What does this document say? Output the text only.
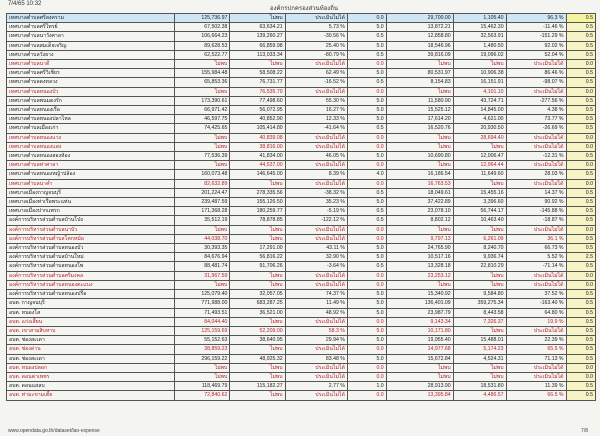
7/4/65 10:32
องค์กรปกครองส่วนท้องถิ่น
เทศบาลตำบลศรีสงคราม	125,736.97	ไม่พบ	ประเมินไม่ได้	0.0	29,700.00	1,105.40	96.3 %	0.5
เทศบาลตำบลศรีไทรย์	67,502.38	63,634.21	5.73 %	5.0	13,872.21	15,462.30	-11.46 %	0.5
เทศบาลตำบลนาวังศาลา	106,664.23	139,260.27	-30.56 %	0.5	12,858.80	32,563.91	-151.29 %	0.5
เทศบาลตำบลสมเด็จเจริญ	89,628.53	66,859.98	25.40 %	5.0	18,546.96	1,480.50	92.02 %	0.5
เทศบาลตำบลวังยาง	62,522.77	113,033.34	-80.79 %	0.5	39,816.09	19,096.02	52.04 %	0.5
เทศบาลตำบลนาดี	ไม่พบ	ไม่พบ	ประเมินไม่ได้	0.0	ไม่พบ	ไม่พบ	ประเมินไม่ได้	0.0
เทศบาลตำบลศรีวิเชียร	155,984.48	58,508.22	62.49 %	5.0	80,531.97	10,906.38	86.46 %	0.5
เทศบาลตำบลดงหลวง	65,853.36	76,731.77	-16.52 %	0.5	8,154.83	16,151.91	-98.07 %	0.5
เทศบาลตำบลหนองบัว	ไม่พบ	76,535.70	ประเมินไม่ได้	0.0	ไม่พบ	4,101.10	ประเมินไม่ได้	0.0
เทศบาลตำบลพนมดงรัก	173,390.61	77,498.60	55.30 %	5.0	11,580.90	43,724.71	-277.56 %	0.5
เทศบาลตำบลหนองเรือ	66,971.42	56,072.95	16.27 %	5.0	15,525.12	14,845.00	4.38 %	0.5
เทศบาลตำบลหนองปลาไหล	46,597.75	40,852.90	12.33 %	5.0	17,614.20	4,621.00	73.77 %	0.5
เทศบาลตำบลเมืองเก่า	74,425.65	105,414.80	-41.64 %	0.5	16,520.76	20,930.50	-26.69 %	0.5
เทศบาลตำบลหนองแวง	ไม่พบ	40,839.08	ประเมินไม่ได้	0.0	ไม่พบ	28,694.40	ประเมินไม่ได้	0.0
เทศบาลตำบลหนองแสง	ไม่พบ	38,816.00	ประเมินไม่ได้	0.0	ไม่พบ	ไม่พบ	ประเมินไม่ได้	0.0
เทศบาลตำบลหนองสองห้อง	77,536.39	41,834.00	46.05 %	5.0	10,690.80	12,006.47	-12.31 %	0.5
เทศบาลตำบลท่าศาลา	ไม่พบ	44,537.00	ประเมินไม่ได้	0.0	ไม่พบ	12,964.44	ประเมินไม่ได้	0.0
เทศบาลตำบลหนองหญ้าปล้อง	160,073.48	146,645.00	8.39 %	4.0	16,186.54	11,649.60	28.03 %	0.5
เทศบาลตำบลนาคำ	82,632.89	ไม่พบ	ประเมินไม่ได้	0.0	16,763.53	ไม่พบ	ประเมินไม่ได้	0.0
เทศบาลเมืองกาญจนบุรี	201,224.47	278,335.56	-38.32 %	0.5	18,049.61	15,455.16	14.37 %	0.5
เทศบาลเมืองท่าเรือพระแท่น	239,487.59	155,126.50	35.23 %	5.0	37,422.89	3,396.60	90.92 %	0.5
เทศบาลเมืองปากแพรก	171,368.28	180,259.77	-5.19 %	0.5	23,078.10	56,744.17	-145.88 %	0.5
องค์การบริหารส่วนตำบลบ้านโป่ง	35,512.19	78,878.85	-122.12 %	0.5	8,802.12	10,463.40	-18.87 %	0.5
องค์การบริหารส่วนตำบลนาบัว	ไม่พบ	ไม่พบ	ประเมินไม่ได้	0.0	ไม่พบ	ไม่พบ	ประเมินไม่ได้	0.0
องค์การบริหารส่วนตำบลโคกหม้อ	44,038.70	ไม่พบ	ประเมินไม่ได้	0.0	9,797.13	6,261.09	36.1 %	0.5
องค์การบริหารส่วนตำบลหนองบัว	30,393.35	17,291.00	43.11 %	5.0	24,765.90	8,240.70	66.73 %	0.5
องค์การบริหารส่วนตำบลบ้านใหม่	84,676.94	56,816.22	32.90 %	5.0	10,517.16	9,936.74	5.52 %	2.5
องค์การบริหารส่วนตำบลหนองโพ	88,481.74	91,706.26	-3.64 %	0.5	13,328.18	22,810.29	-71.14 %	0.5
องค์การบริหารส่วนตำบลศรีมงคล	31,967.59	ไม่พบ	ประเมินไม่ได้	0.0	23,253.12	ไม่พบ	ประเมินไม่ได้	0.0
องค์การบริหารส่วนตำบลหนองตะแบง	ไม่พบ	ไม่พบ	ประเมินไม่ได้	0.0	ไม่พบ	ไม่พบ	ประเมินไม่ได้	0.0
องค์การบริหารส่วนตำบลหนองปรือ	125,079.40	32,057.05	74.37 %	5.0	15,340.92	9,584.80	37.52 %	0.5
อบต. กาญจนบุรี	771,988.00	683,287.25	11.49 %	5.0	136,401.09	359,275.34	-163.40 %	0.5
อบต. หนองโส	71,493.51	36,521.00	48.92 %	5.0	23,987.79	8,443.58	64.80 %	0.5
อบต. แก่งเสี้ยน	84,044.40	ไม่พบ	ประเมินไม่ได้	0.0	9,143.34	7,326.37	19.9 %	0.5
อบต. เขาสามสิบหาบ	125,159.69	52,209.00	58.3 %	5.0	10,171.80	ไม่พบ	ประเมินไม่ได้	0.5
อบต. ช่องสะเดา	55,152.63	38,640.95	29.94 %	5.0	19,955.40	15,488.01	22.39 %	0.5
อบต. ช่องด่าน	38,859.23	ไม่พบ	ประเมินไม่ได้	0.0	14,977.68	5,174.23	65.5 %	0.5
อบต. ช่องสะเดา	296,159.22	48,925.32	83.48 %	5.0	15,672.84	4,524.31	71.13 %	0.5
อบต. หนองปลอก	ไม่พบ	ไม่พบ	ประเมินไม่ได้	0.0	ไม่พบ	ไม่พบ	ประเมินไม่ได้	0.0
อบต. ดอนตาเพชร	ไม่พบ	ไม่พบ	ประเมินไม่ได้	0.0	ไม่พบ	ไม่พบ	ประเมินไม่ได้	0.0
อบต. ดอนแสลบ	118,469.79	115,182.27	2.77 %	1.0	28,913.90	18,531.80	11.39 %	0.5
อบต. ท่ามะขามเตี้ย	72,840.62	ไม่พบ	ประเมินไม่ได้	0.0	13,395.84	4,486.57	66.5 %	0.5
www.opendata.go.th/dataset/lao-expense	7/8
